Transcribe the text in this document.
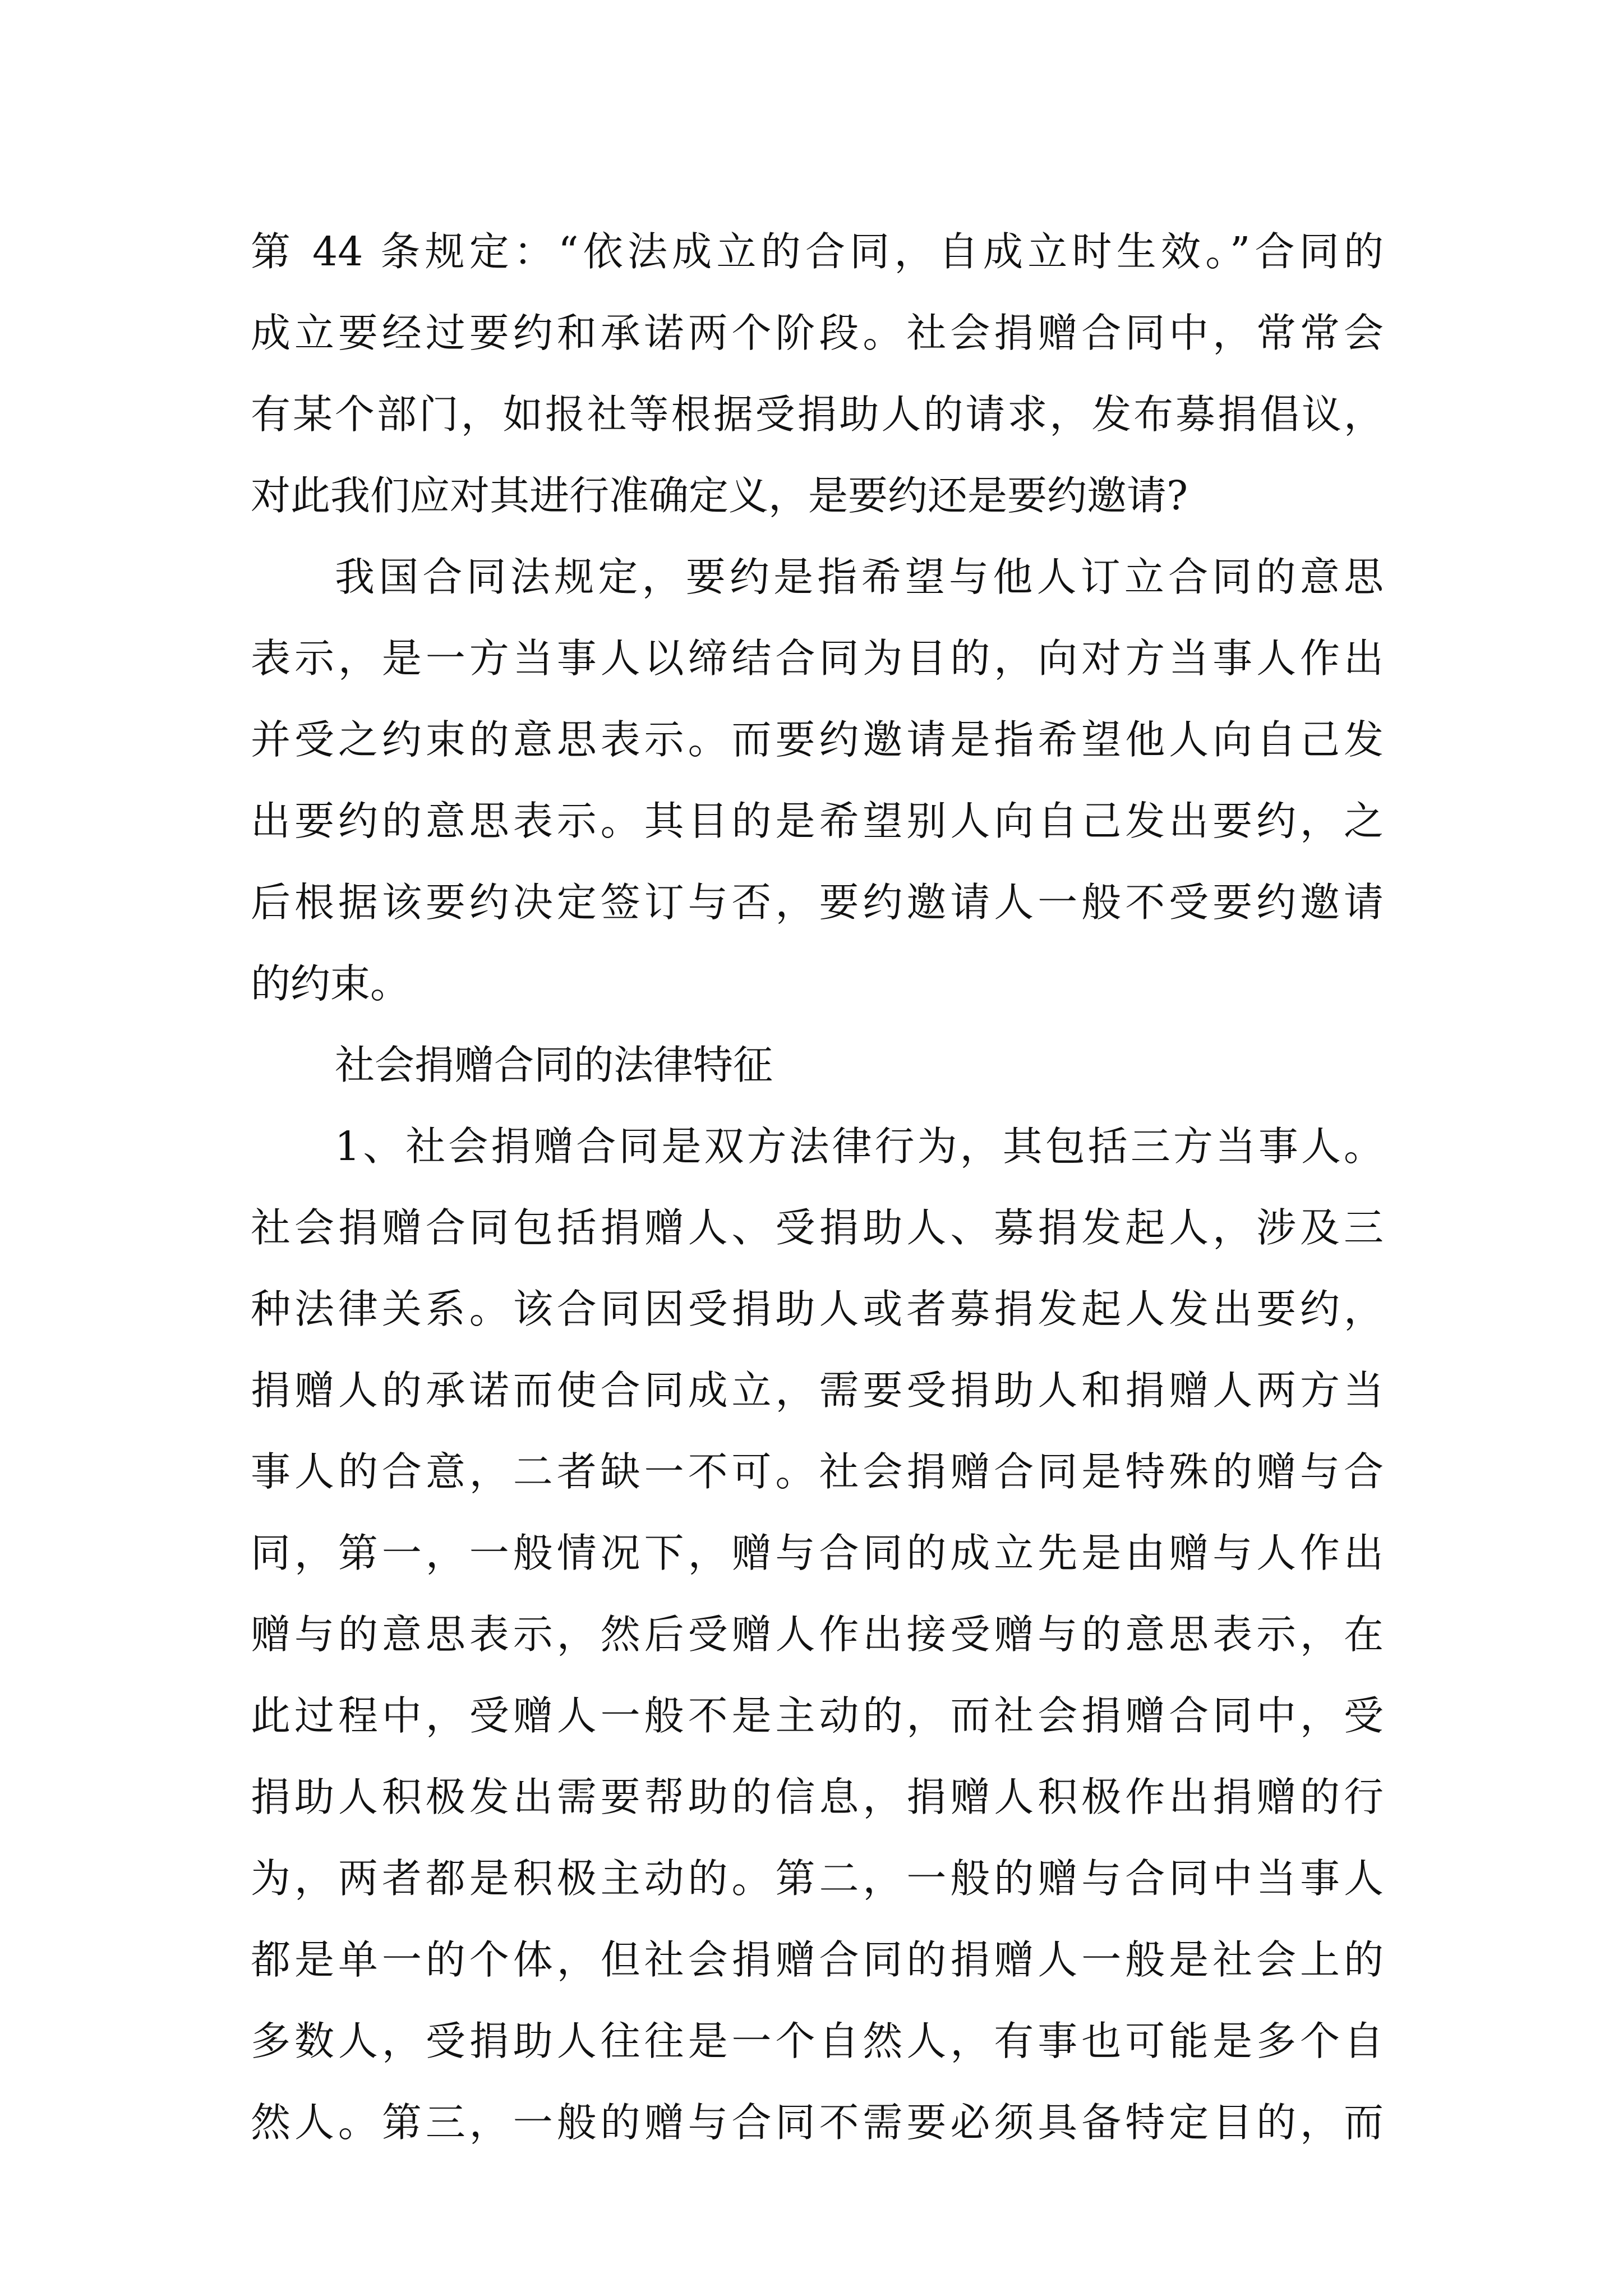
第 44 条规定：“依法成立的合同，自成立时生效。”合同的
成立要经过要约和承诺两个阶段。社会捐赠合同中，常常会
有某个部门，如报社等根据受捐助人的请求，发布募捐倡议，
对此我们应对其进行准确定义，是要约还是要约邀请?
我国合同法规定，要约是指希望与他人订立合同的意思
表示，是一方当事人以缔结合同为目的，向对方当事人作出
并受之约束的意思表示。而要约邀请是指希望他人向自己发
出要约的意思表示。其目的是希望别人向自己发出要约，之
后根据该要约决定签订与否，要约邀请人一般不受要约邀请
的约束。
社会捐赠合同的法律特征
1、社会捐赠合同是双方法律行为，其包括三方当事人。
社会捐赠合同包括捐赠人、受捐助人、募捐发起人，涉及三
种法律关系。该合同因受捐助人或者募捐发起人发出要约，
捐赠人的承诺而使合同成立，需要受捐助人和捐赠人两方当
事人的合意，二者缺一不可。社会捐赠合同是特殊的赠与合
同，第一，一般情况下，赠与合同的成立先是由赠与人作出
赠与的意思表示，然后受赠人作出接受赠与的意思表示，在
此过程中，受赠人一般不是主动的，而社会捐赠合同中，受
捐助人积极发出需要帮助的信息，捐赠人积极作出捐赠的行
为，两者都是积极主动的。第二，一般的赠与合同中当事人
都是单一的个体，但社会捐赠合同的捐赠人一般是社会上的
多数人，受捐助人往往是一个自然人，有事也可能是多个自
然人。第三，一般的赠与合同不需要必须具备特定目的，而
